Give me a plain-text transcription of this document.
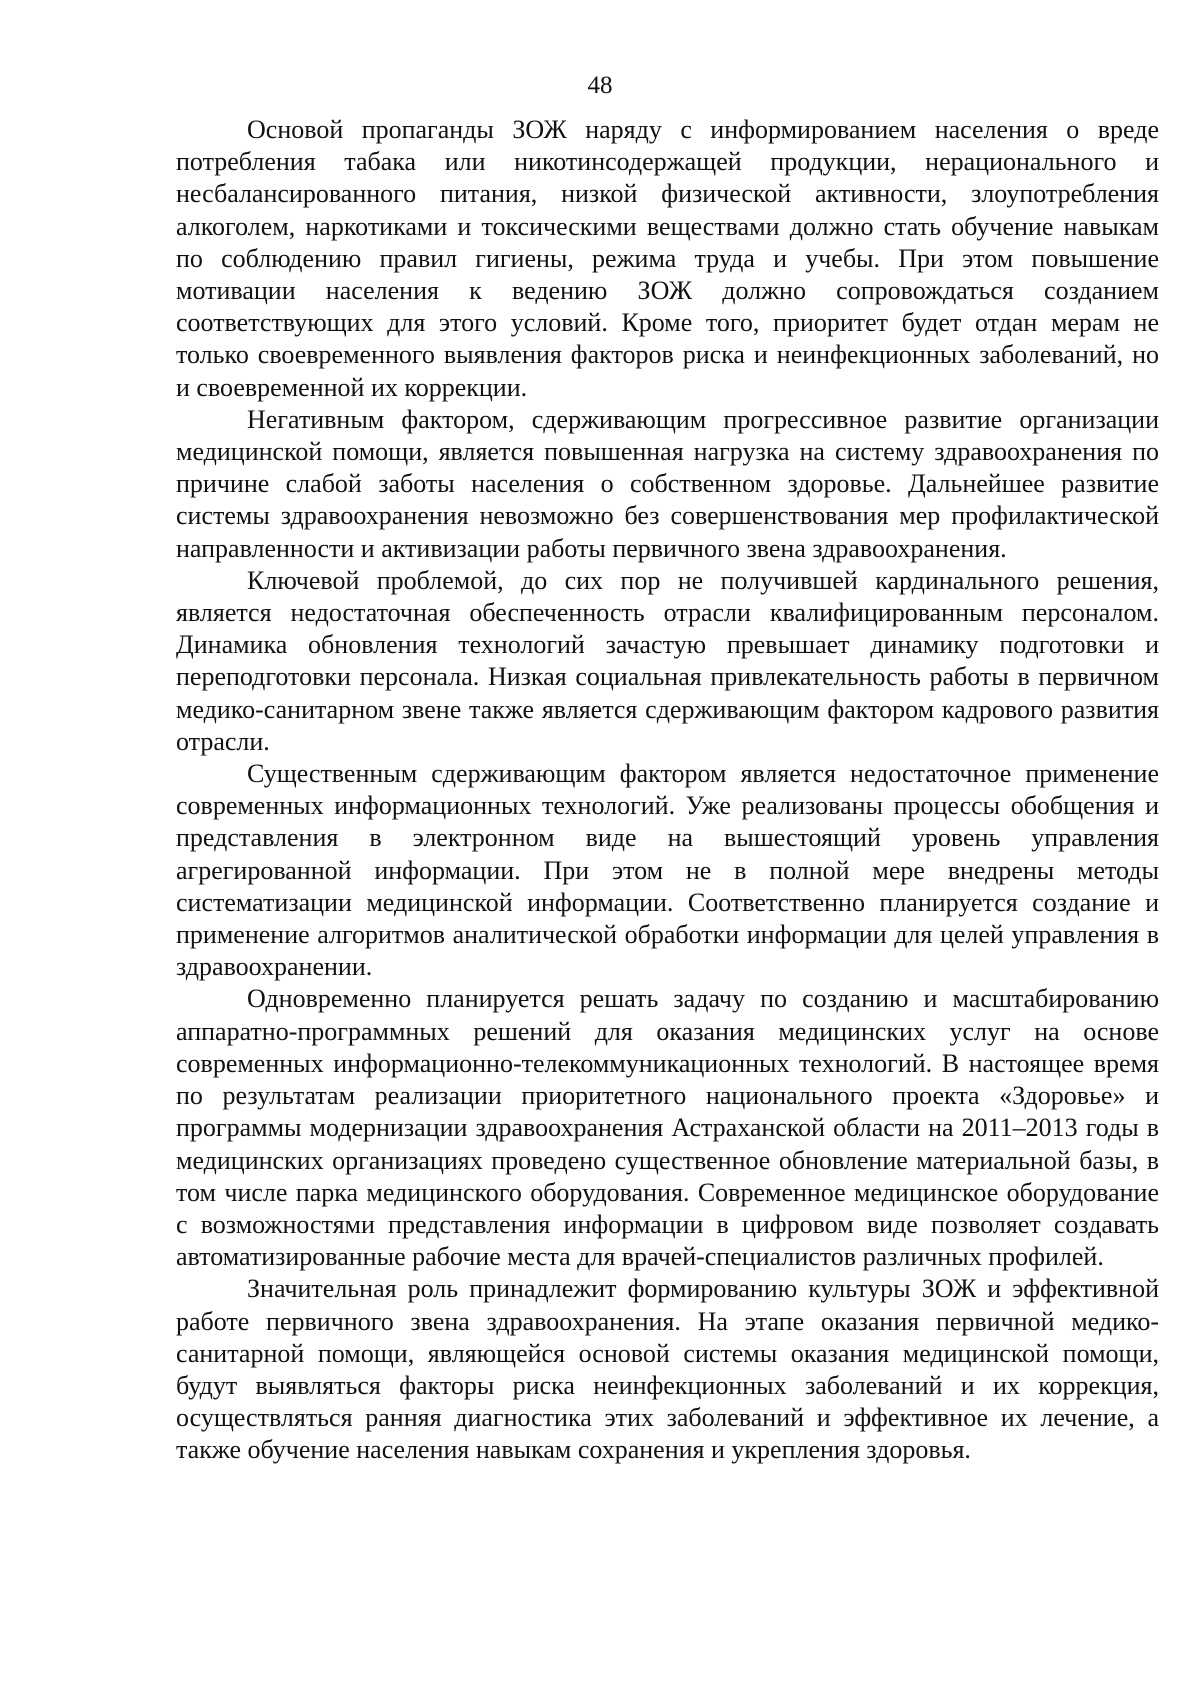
48

Основой пропаганды ЗОЖ наряду с информированием населения о вреде потребления табака или никотинсодержащей продукции, нерационального и несбалансированного питания, низкой физической активности, злоупотребления алкоголем, наркотиками и токсическими веществами должно стать обучение навыкам по соблюдению правил гигиены, режима труда и учебы. При этом повышение мотивации населения к ведению ЗОЖ должно сопровождаться созданием соответствующих для этого условий. Кроме того, приоритет будет отдан мерам не только своевременного выявления факторов риска и неинфекционных заболеваний, но и своевременной их коррекции.

Негативным фактором, сдерживающим прогрессивное развитие организации медицинской помощи, является повышенная нагрузка на систему здравоохранения по причине слабой заботы населения о собственном здоровье. Дальнейшее развитие системы здравоохранения невозможно без совершенствования мер профилактической направленности и активизации работы первичного звена здравоохранения.

Ключевой проблемой, до сих пор не получившей кардинального решения, является недостаточная обеспеченность отрасли квалифицированным персоналом. Динамика обновления технологий зачастую превышает динамику подготовки и переподготовки персонала. Низкая социальная привлекательность работы в первичном медико-санитарном звене также является сдерживающим фактором кадрового развития отрасли.

Существенным сдерживающим фактором является недостаточное применение современных информационных технологий. Уже реализованы процессы обобщения и представления в электронном виде на вышестоящий уровень управления агрегированной информации. При этом не в полной мере внедрены методы систематизации медицинской информации. Соответственно планируется создание и применение алгоритмов аналитической обработки информации для целей управления в здравоохранении.

Одновременно планируется решать задачу по созданию и масштабированию аппаратно-программных решений для оказания медицинских услуг на основе современных информационно-телекоммуникационных технологий. В настоящее время по результатам реализации приоритетного национального проекта «Здоровье» и программы модернизации здравоохранения Астраханской области на 2011–2013 годы в медицинских организациях проведено существенное обновление материальной базы, в том числе парка медицинского оборудования. Современное медицинское оборудование с возможностями представления информации в цифровом виде позволяет создавать автоматизированные рабочие места для врачей-специалистов различных профилей.

Значительная роль принадлежит формированию культуры ЗОЖ и эффективной работе первичного звена здравоохранения. На этапе оказания первичной медико-санитарной помощи, являющейся основой системы оказания медицинской помощи, будут выявляться факторы риска неинфекционных заболеваний и их коррекция, осуществляться ранняя диагностика этих заболеваний и эффективное их лечение, а также обучение населения навыкам сохранения и укрепления здоровья.
